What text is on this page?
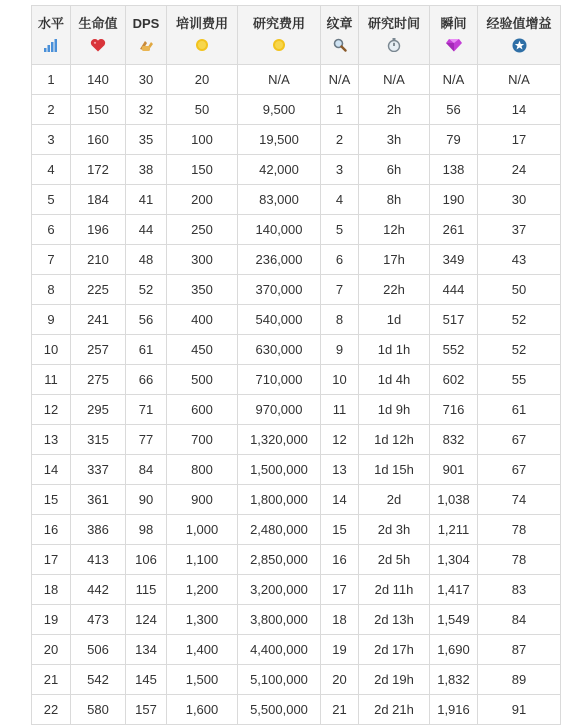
水平	生命值	DPS	培训费用	研究费用	纹章	研究时间	瞬间	经验值增益

1	140	30	20	N/A	N/A	N/A	N/A	N/A
2	150	32	50	9,500	1	2h	56	14
3	160	35	100	19,500	2	3h	79	17
4	172	38	150	42,000	3	6h	138	24
5	184	41	200	83,000	4	8h	190	30
6	196	44	250	140,000	5	12h	261	37
7	210	48	300	236,000	6	17h	349	43
8	225	52	350	370,000	7	22h	444	50
9	241	56	400	540,000	8	1d	517	52
10	257	61	450	630,000	9	1d 1h	552	52
11	275	66	500	710,000	10	1d 4h	602	55
12	295	71	600	970,000	11	1d 9h	716	61
13	315	77	700	1,320,000	12	1d 12h	832	67
14	337	84	800	1,500,000	13	1d 15h	901	67
15	361	90	900	1,800,000	14	2d	1,038	74
16	386	98	1,000	2,480,000	15	2d 3h	1,211	78
17	413	106	1,100	2,850,000	16	2d 5h	1,304	78
18	442	115	1,200	3,200,000	17	2d 11h	1,417	83
19	473	124	1,300	3,800,000	18	2d 13h	1,549	84
20	506	134	1,400	4,400,000	19	2d 17h	1,690	87
21	542	145	1,500	5,100,000	20	2d 19h	1,832	89
22	580	157	1,600	5,500,000	21	2d 21h	1,916	91
